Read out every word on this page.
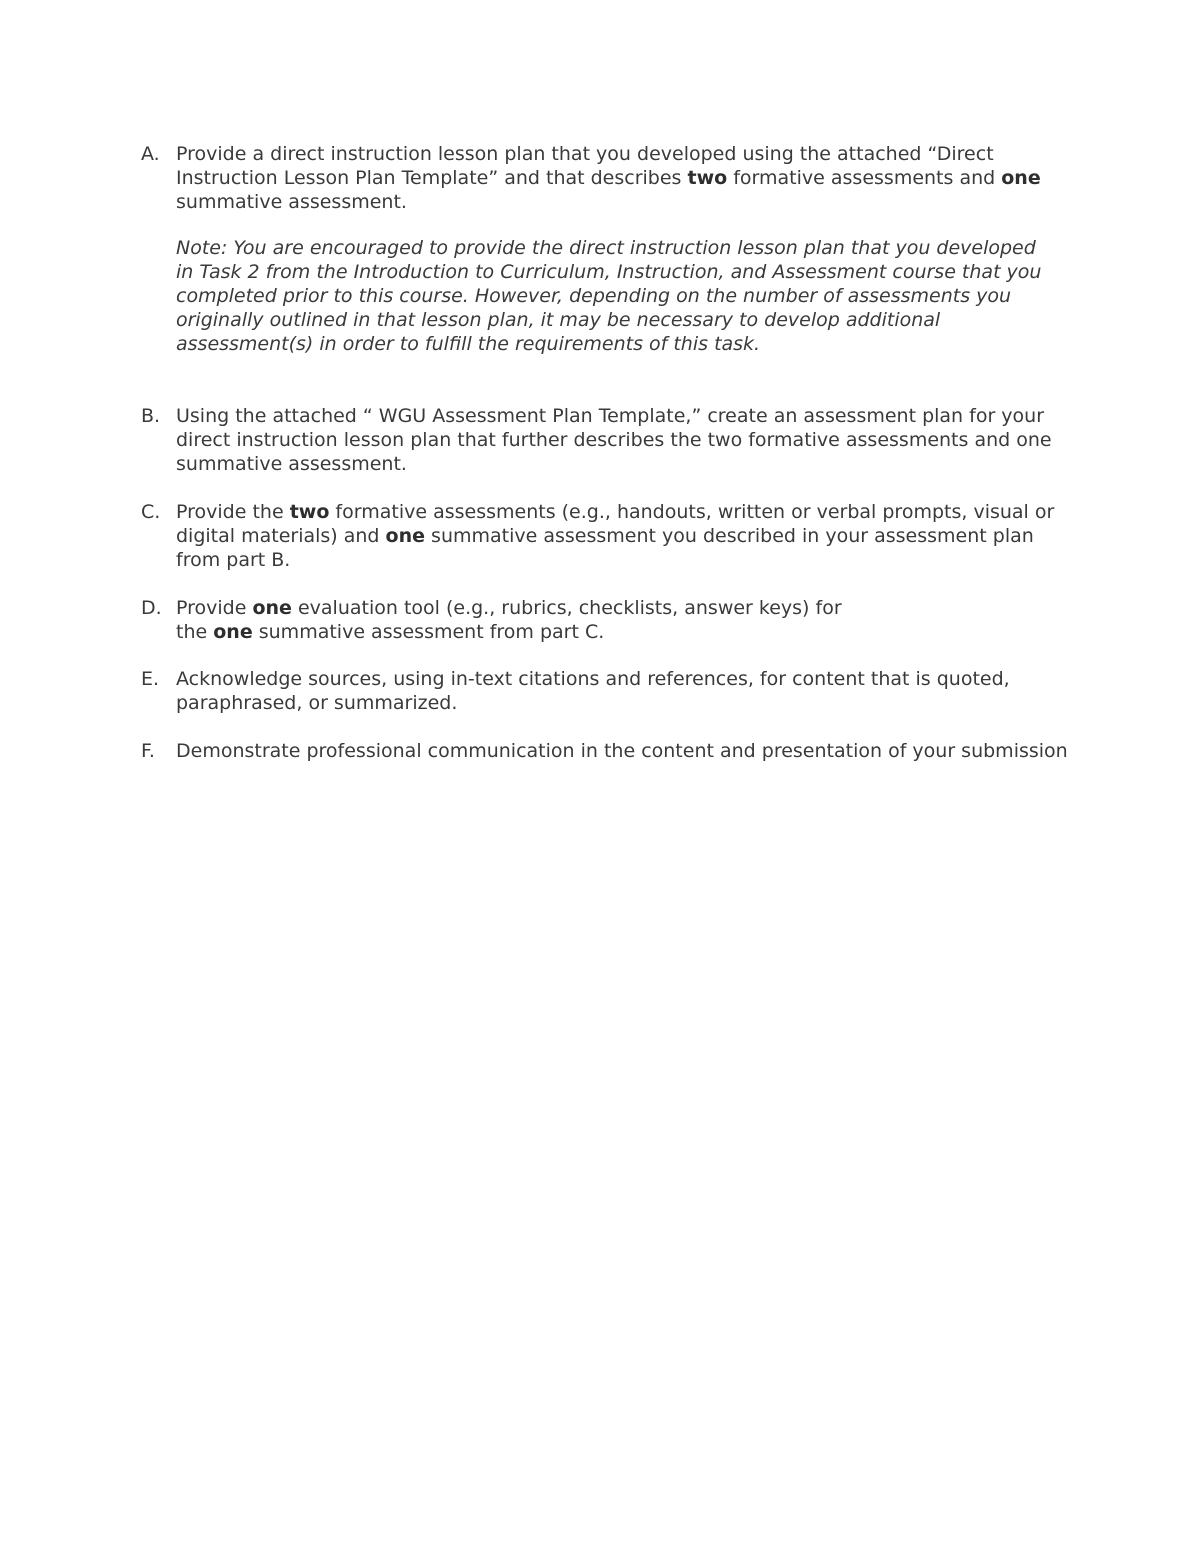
A. Provide a direct instruction lesson plan that you developed using the attached “Direct Instruction Lesson Plan Template” and that describes two formative assessments and one summative assessment.
Note: You are encouraged to provide the direct instruction lesson plan that you developed in Task 2 from the Introduction to Curriculum, Instruction, and Assessment course that you completed prior to this course. However, depending on the number of assessments you originally outlined in that lesson plan, it may be necessary to develop additional assessment(s) in order to fulfill the requirements of this task.
B. Using the attached “ WGU Assessment Plan Template,” create an assessment plan for your direct instruction lesson plan that further describes the two formative assessments and one summative assessment.
C. Provide the two formative assessments (e.g., handouts, written or verbal prompts, visual or digital materials) and one summative assessment you described in your assessment plan from part B.
D. Provide one evaluation tool (e.g., rubrics, checklists, answer keys) for
the one summative assessment from part C.
E. Acknowledge sources, using in-text citations and references, for content that is quoted, paraphrased, or summarized.
F.	Demonstrate professional communication in the content and presentation of your submission
